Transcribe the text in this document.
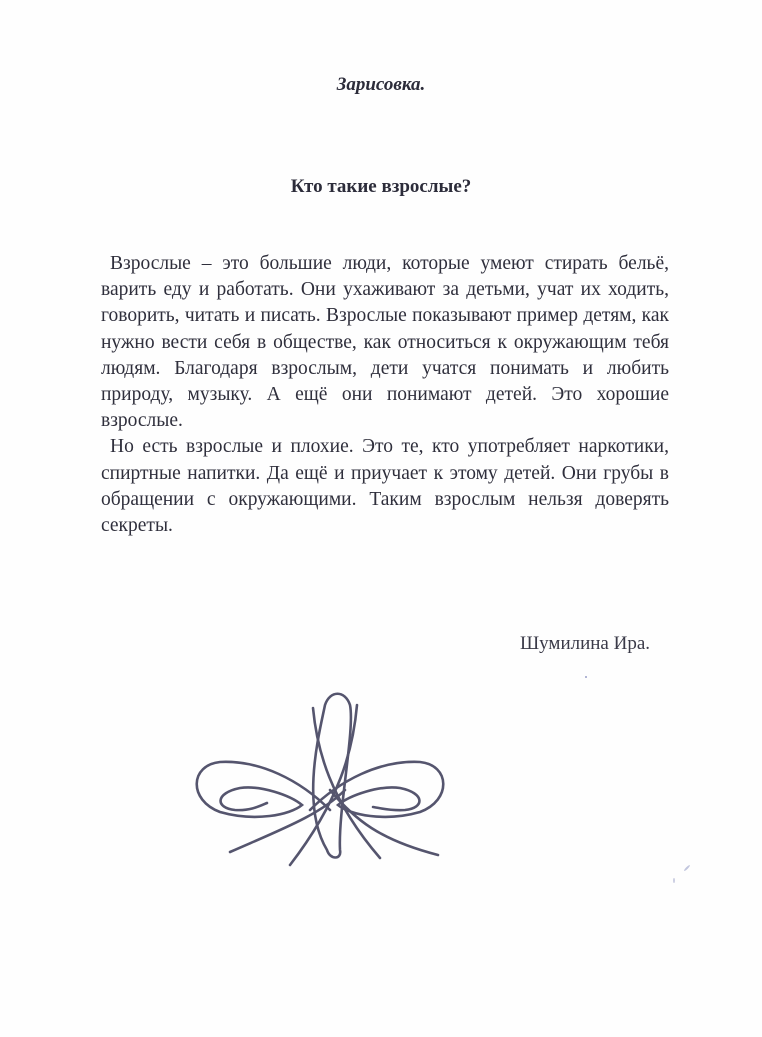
Зарисовка.
Кто такие взрослые?

Взрослые – это большие люди, которые умеют стирать бельё, варить еду и работать. Они ухаживают за детьми, учат их ходить, говорить, читать и писать. Взрослые показывают пример детям, как нужно вести себя в обществе, как относиться к окружающим тебя людям. Благодаря взрослым, дети учатся понимать и любить природу, музыку. А ещё они понимают детей. Это хорошие взрослые.

Но есть взрослые и плохие. Это те, кто употребляет наркотики, спиртные напитки. Да ещё и приучает к этому детей. Они грубы в обращении с окружающими. Таким взрослым нельзя доверять секреты.

Шумилина Ира.
